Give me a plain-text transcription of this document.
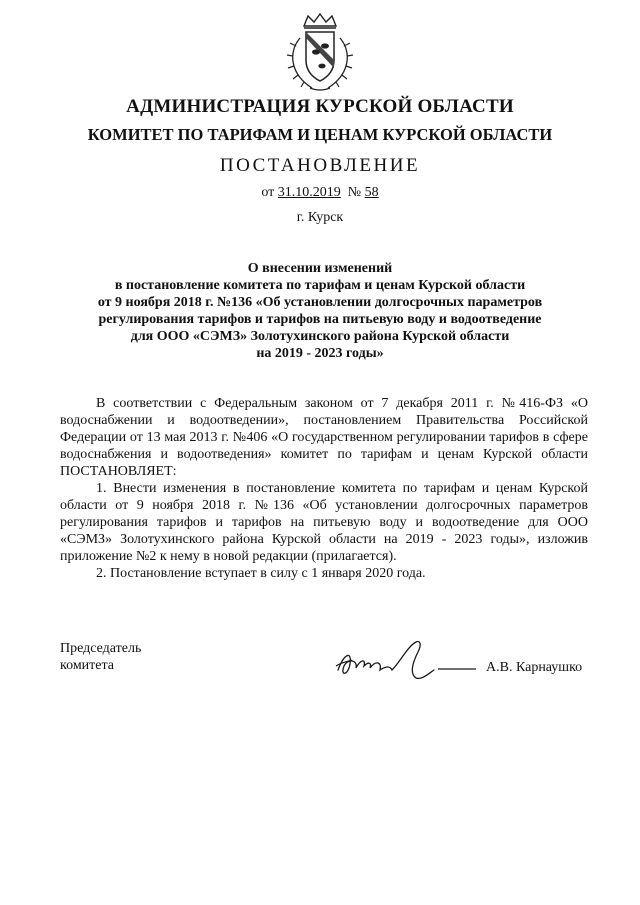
АДМИНИСТРАЦИЯ КУРСКОЙ ОБЛАСТИ
КОМИТЕТ ПО ТАРИФАМ И ЦЕНАМ КУРСКОЙ ОБЛАСТИ
ПОСТАНОВЛЕНИЕ
от 31.10.2019 № 58
г. Курск
О внесении изменений
в постановление комитета по тарифам и ценам Курской области
от 9 ноября 2018 г. №136 «Об установлении долгосрочных параметров
регулирования тарифов и тарифов на питьевую воду и водоотведение
для ООО «СЭМЗ» Золотухинского района Курской области
на 2019 - 2023 годы»

В соответствии с Федеральным законом от 7 декабря 2011 г. №416-ФЗ «О водоснабжении и водоотведении», постановлением Правительства Российской Федерации от 13 мая 2013 г. №406 «О государственном регулировании тарифов в сфере водоснабжения и водоотведения» комитет по тарифам и ценам Курской области ПОСТАНОВЛЯЕТ:

1. Внести изменения в постановление комитета по тарифам и ценам Курской области от 9 ноября 2018 г. №136 «Об установлении долгосрочных параметров регулирования тарифов и тарифов на питьевую воду и водоотведение для ООО «СЭМЗ» Золотухинского района Курской области на 2019 - 2023 годы», изложив приложение №2 к нему в новой редакции (прилагается).

2. Постановление вступает в силу с 1 января 2020 года.

Председатель
комитета	А.В. Карнаушко
